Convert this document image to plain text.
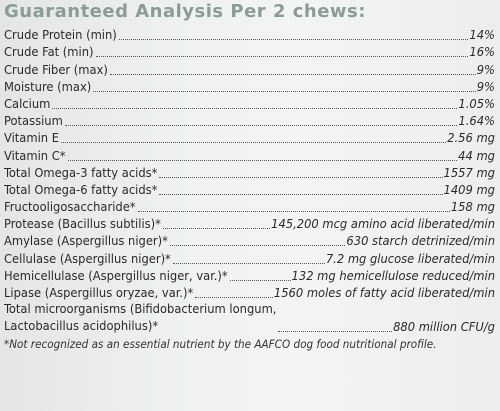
Guaranteed Analysis Per 2 chews:
Crude Protein (min)	14%
Crude Fat (min)	16%
Crude Fiber (max)	9%
Moisture (max)	9%
Calcium	1.05%
Potassium	1.64%
Vitamin E	2.56 mg
Vitamin C*	44 mg
Total Omega-3 fatty acids*	1557 mg
Total Omega-6 fatty acids*	1409 mg
Fructooligosaccharide*	158 mg
Protease (Bacillus subtilis)*	145,200 mcg amino acid liberated/min
Amylase (Aspergillus niger)*	630 starch detrinized/min
Cellulase (Aspergillus niger)*	7.2 mg glucose liberated/min
Hemicellulase (Aspergillus niger, var.)*	132 mg hemicellulose reduced/min
Lipase (Aspergillus oryzae, var.)*	1560 moles of fatty acid liberated/min
Total microorganisms (Bifidobacterium longum,
Lactobacillus acidophilus)*	880 million CFU/g
*Not recognized as an essential nutrient by the AAFCO dog food nutritional profile.
